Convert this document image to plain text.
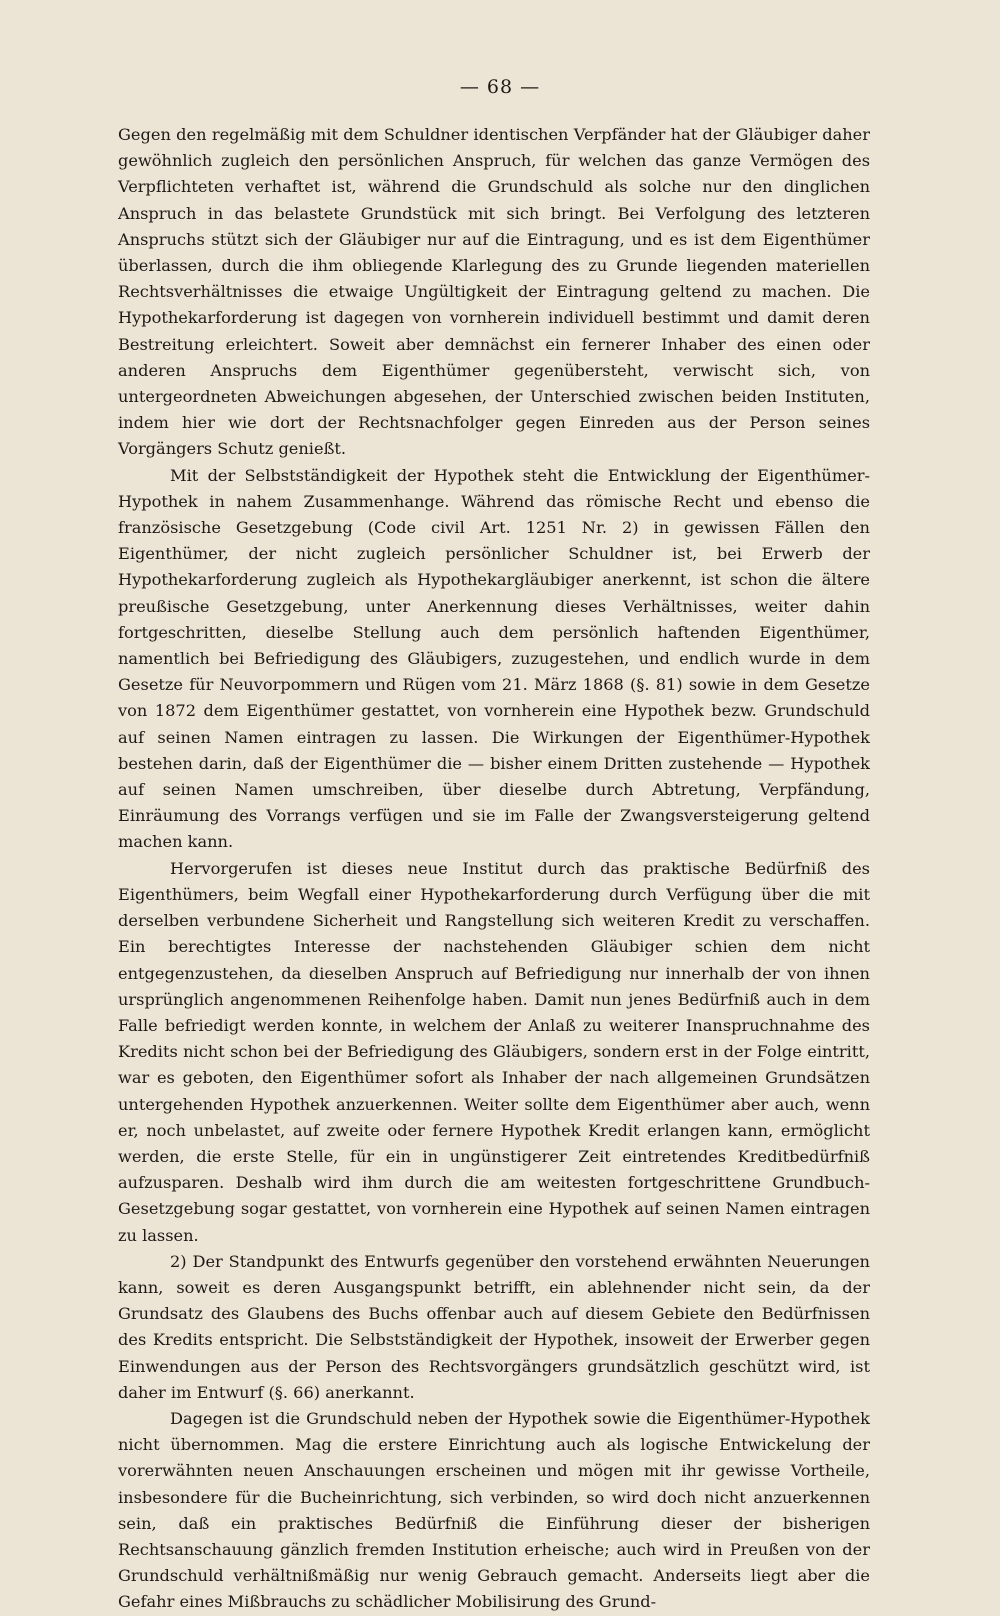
— 68 —

Gegen den regelmäßig mit dem Schuldner identischen Verpfänder hat der Gläubiger daher gewöhnlich zugleich den persönlichen Anspruch, für welchen das ganze Vermögen des Verpflichteten verhaftet ist, während die Grundschuld als solche nur den dinglichen Anspruch in das belastete Grundstück mit sich bringt. Bei Verfolgung des letzteren Anspruchs stützt sich der Gläubiger nur auf die Eintragung, und es ist dem Eigenthümer überlassen, durch die ihm obliegende Klarlegung des zu Grunde liegenden materiellen Rechtsverhältnisses die etwaige Ungültigkeit der Eintragung geltend zu machen. Die Hypothekarforderung ist dagegen von vornherein individuell bestimmt und damit deren Bestreitung erleichtert. Soweit aber demnächst ein fernerer Inhaber des einen oder anderen Anspruchs dem Eigenthümer gegenübersteht, verwischt sich, von untergeordneten Abweichungen abgesehen, der Unterschied zwischen beiden Instituten, indem hier wie dort der Rechtsnachfolger gegen Einreden aus der Person seines Vorgängers Schutz genießt.

Mit der Selbstständigkeit der Hypothek steht die Entwicklung der Eigenthümer-Hypothek in nahem Zusammenhange. Während das römische Recht und ebenso die französische Gesetzgebung (Code civil Art. 1251 Nr. 2) in gewissen Fällen den Eigenthümer, der nicht zugleich persönlicher Schuldner ist, bei Erwerb der Hypothekarforderung zugleich als Hypothekargläubiger anerkennt, ist schon die ältere preußische Gesetzgebung, unter Anerkennung dieses Verhältnisses, weiter dahin fortgeschritten, dieselbe Stellung auch dem persönlich haftenden Eigenthümer, namentlich bei Befriedigung des Gläubigers, zuzugestehen, und endlich wurde in dem Gesetze für Neuvorpommern und Rügen vom 21. März 1868 (§. 81) sowie in dem Gesetze von 1872 dem Eigenthümer gestattet, von vornherein eine Hypothek bezw. Grundschuld auf seinen Namen eintragen zu lassen. Die Wirkungen der Eigenthümer-Hypothek bestehen darin, daß der Eigenthümer die — bisher einem Dritten zustehende — Hypothek auf seinen Namen umschreiben, über dieselbe durch Abtretung, Verpfändung, Einräumung des Vorrangs verfügen und sie im Falle der Zwangsversteigerung geltend machen kann.

Hervorgerufen ist dieses neue Institut durch das praktische Bedürfniß des Eigenthümers, beim Wegfall einer Hypothekarforderung durch Verfügung über die mit derselben verbundene Sicherheit und Rangstellung sich weiteren Kredit zu verschaffen. Ein berechtigtes Interesse der nachstehenden Gläubiger schien dem nicht entgegenzustehen, da dieselben Anspruch auf Befriedigung nur innerhalb der von ihnen ursprünglich angenommenen Reihenfolge haben. Damit nun jenes Bedürfniß auch in dem Falle befriedigt werden konnte, in welchem der Anlaß zu weiterer Inanspruchnahme des Kredits nicht schon bei der Befriedigung des Gläubigers, sondern erst in der Folge eintritt, war es geboten, den Eigenthümer sofort als Inhaber der nach allgemeinen Grundsätzen untergehenden Hypothek anzuerkennen. Weiter sollte dem Eigenthümer aber auch, wenn er, noch unbelastet, auf zweite oder fernere Hypothek Kredit erlangen kann, ermöglicht werden, die erste Stelle, für ein in ungünstigerer Zeit eintretendes Kreditbedürfniß aufzusparen. Deshalb wird ihm durch die am weitesten fortgeschrittene Grundbuch-Gesetzgebung sogar gestattet, von vornherein eine Hypothek auf seinen Namen eintragen zu lassen.

2) Der Standpunkt des Entwurfs gegenüber den vorstehend erwähnten Neuerungen kann, soweit es deren Ausgangspunkt betrifft, ein ablehnender nicht sein, da der Grundsatz des Glaubens des Buchs offenbar auch auf diesem Gebiete den Bedürfnissen des Kredits entspricht. Die Selbstständigkeit der Hypothek, insoweit der Erwerber gegen Einwendungen aus der Person des Rechtsvorgängers grundsätzlich geschützt wird, ist daher im Entwurf (§. 66) anerkannt.

Dagegen ist die Grundschuld neben der Hypothek sowie die Eigenthümer-Hypothek nicht übernommen. Mag die erstere Einrichtung auch als logische Entwickelung der vorerwähnten neuen Anschauungen erscheinen und mögen mit ihr gewisse Vortheile, insbesondere für die Bucheinrichtung, sich verbinden, so wird doch nicht anzuerkennen sein, daß ein praktisches Bedürfniß die Einführung dieser der bisherigen Rechtsanschauung gänzlich fremden Institution erheische; auch wird in Preußen von der Grundschuld verhältnißmäßig nur wenig Gebrauch gemacht. Anderseits liegt aber die Gefahr eines Mißbrauchs zu schädlicher Mobilisirung des Grund-
